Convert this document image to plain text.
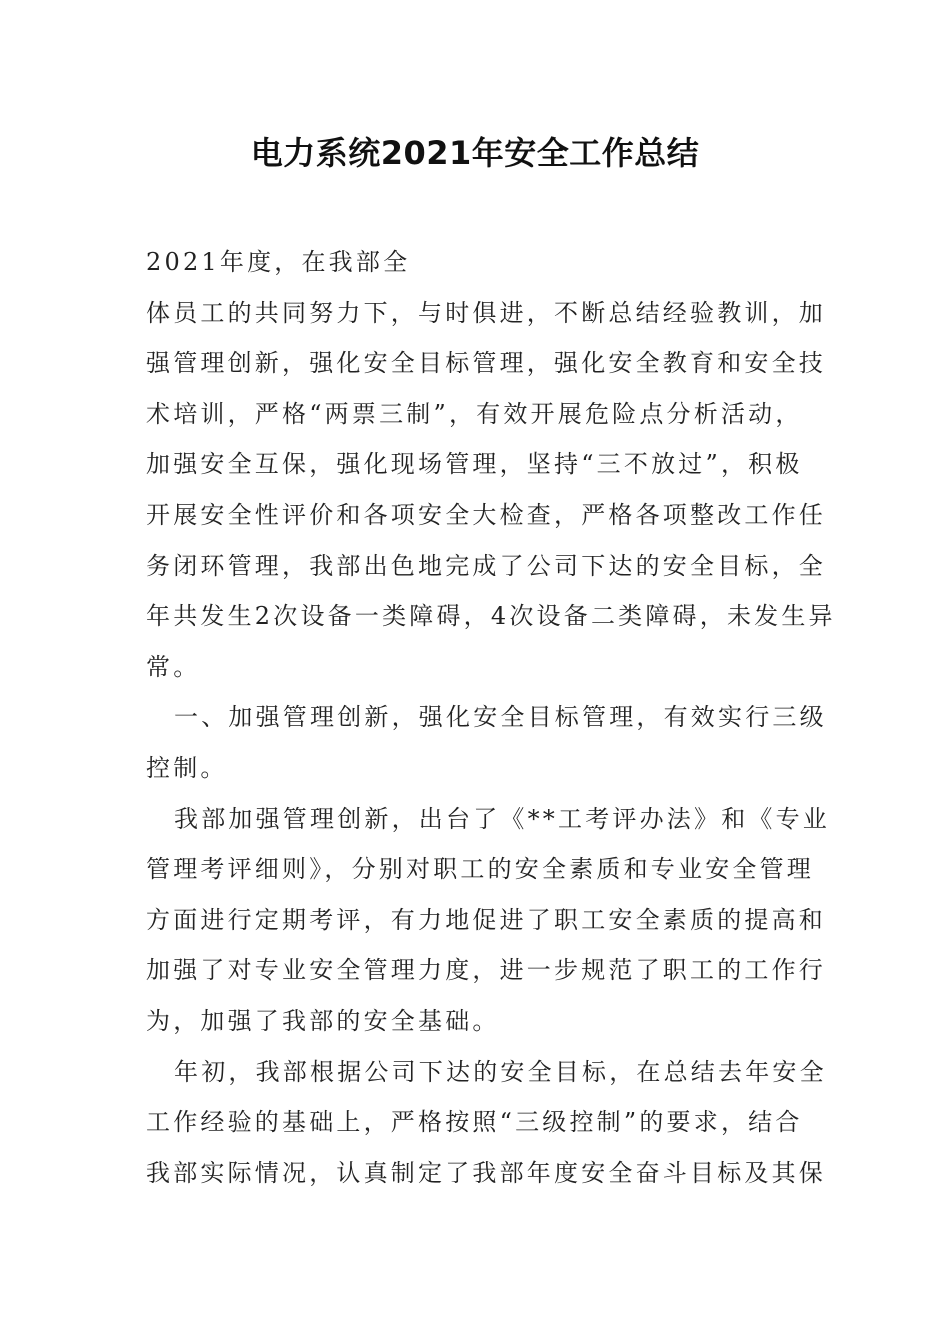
电力系统2021年安全工作总结
2021年度，在我部全
体员工的共同努力下，与时俱进，不断总结经验教训，加
强管理创新，强化安全目标管理，强化安全教育和安全技
术培训，严格“两票三制”，有效开展危险点分析活动，
加强安全互保，强化现场管理，坚持“三不放过”，积极
开展安全性评价和各项安全大检查，严格各项整改工作任
务闭环管理，我部出色地完成了公司下达的安全目标，全
年共发生2次设备一类障碍，4次设备二类障碍，未发生异
常。
一、加强管理创新，强化安全目标管理，有效实行三级
控制。
我部加强管理创新，出台了《**工考评办法》和《专业
管理考评细则》，分别对职工的安全素质和专业安全管理
方面进行定期考评，有力地促进了职工安全素质的提高和
加强了对专业安全管理力度，进一步规范了职工的工作行
为，加强了我部的安全基础。
年初，我部根据公司下达的安全目标，在总结去年安全
工作经验的基础上，严格按照“三级控制”的要求，结合
我部实际情况，认真制定了我部年度安全奋斗目标及其保
